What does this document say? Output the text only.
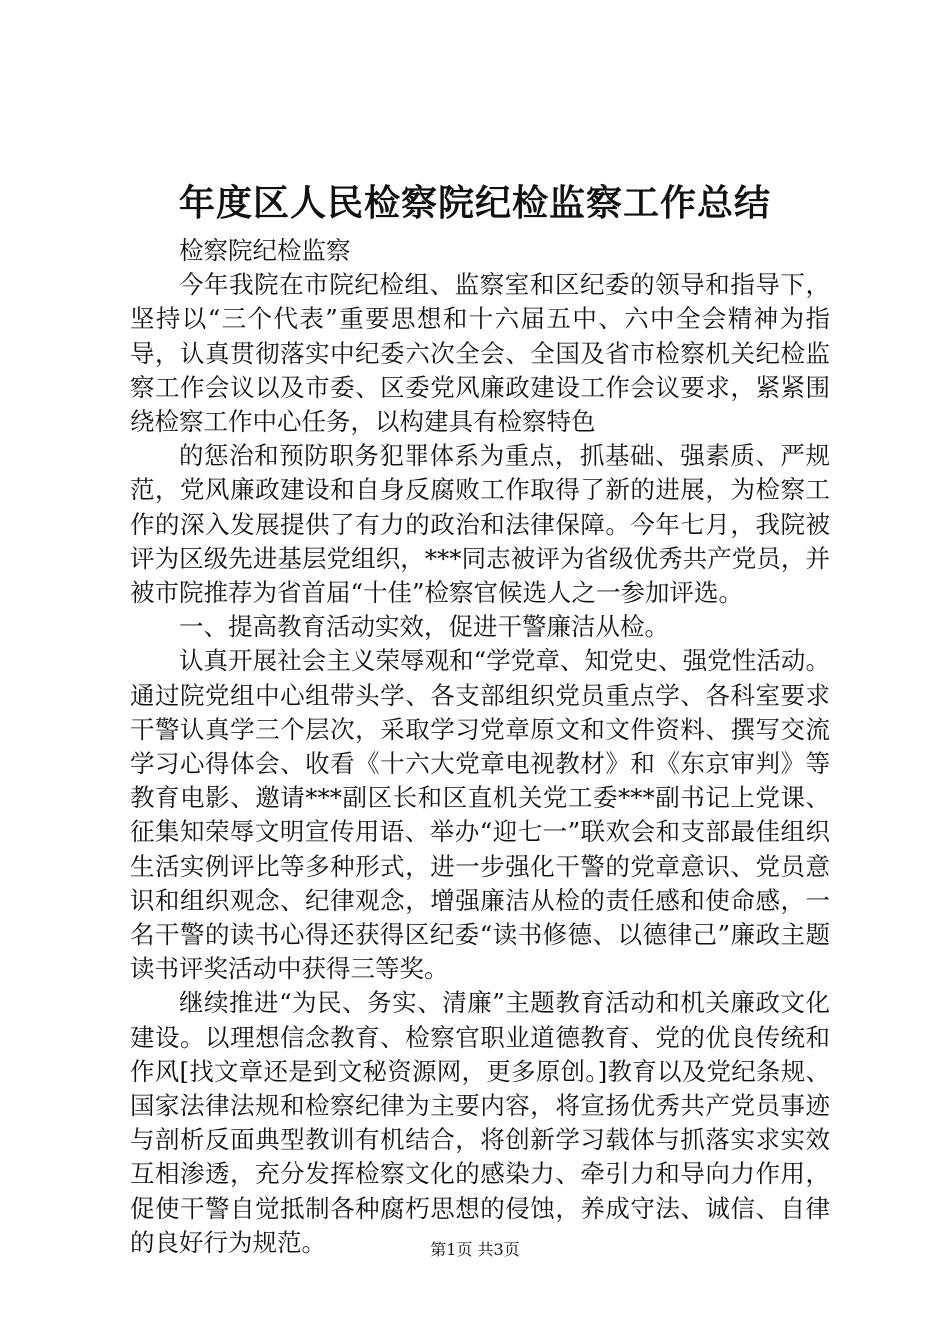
年度区人民检察院纪检监察工作总结

检察院纪检监察

今年我院在市院纪检组、监察室和区纪委的领导和指导下，坚持以“三个代表”重要思想和十六届五中、六中全会精神为指导，认真贯彻落实中纪委六次全会、全国及省市检察机关纪检监察工作会议以及市委、区委党风廉政建设工作会议要求，紧紧围绕检察工作中心任务，以构建具有检察特色

的惩治和预防职务犯罪体系为重点，抓基础、强素质、严规范，党风廉政建设和自身反腐败工作取得了新的进展，为检察工作的深入发展提供了有力的政治和法律保障。今年七月，我院被评为区级先进基层党组织，***同志被评为省级优秀共产党员，并被市院推荐为省首届“十佳”检察官候选人之一参加评选。

一、提高教育活动实效，促进干警廉洁从检。

认真开展社会主义荣辱观和“学党章、知党史、强党性活动。通过院党组中心组带头学、各支部组织党员重点学、各科室要求干警认真学三个层次，采取学习党章原文和文件资料、撰写交流学习心得体会、收看《十六大党章电视教材》和《东京审判》等教育电影、邀请***副区长和区直机关党工委***副书记上党课、征集知荣辱文明宣传用语、举办“迎七一”联欢会和支部最佳组织生活实例评比等多种形式，进一步强化干警的党章意识、党员意识和组织观念、纪律观念，增强廉洁从检的责任感和使命感，一名干警的读书心得还获得区纪委“读书修德、以德律己”廉政主题读书评奖活动中获得三等奖。

继续推进“为民、务实、清廉”主题教育活动和机关廉政文化建设。以理想信念教育、检察官职业道德教育、党的优良传统和作风[找文章还是到文秘资源网，更多原创。]教育以及党纪条规、国家法律法规和检察纪律为主要内容，将宣扬优秀共产党员事迹与剖析反面典型教训有机结合，将创新学习载体与抓落实求实效互相渗透，充分发挥检察文化的感染力、牵引力和导向力作用，促使干警自觉抵制各种腐朽思想的侵蚀，养成守法、诚信、自律的良好行为规范。	第1页 共3页
